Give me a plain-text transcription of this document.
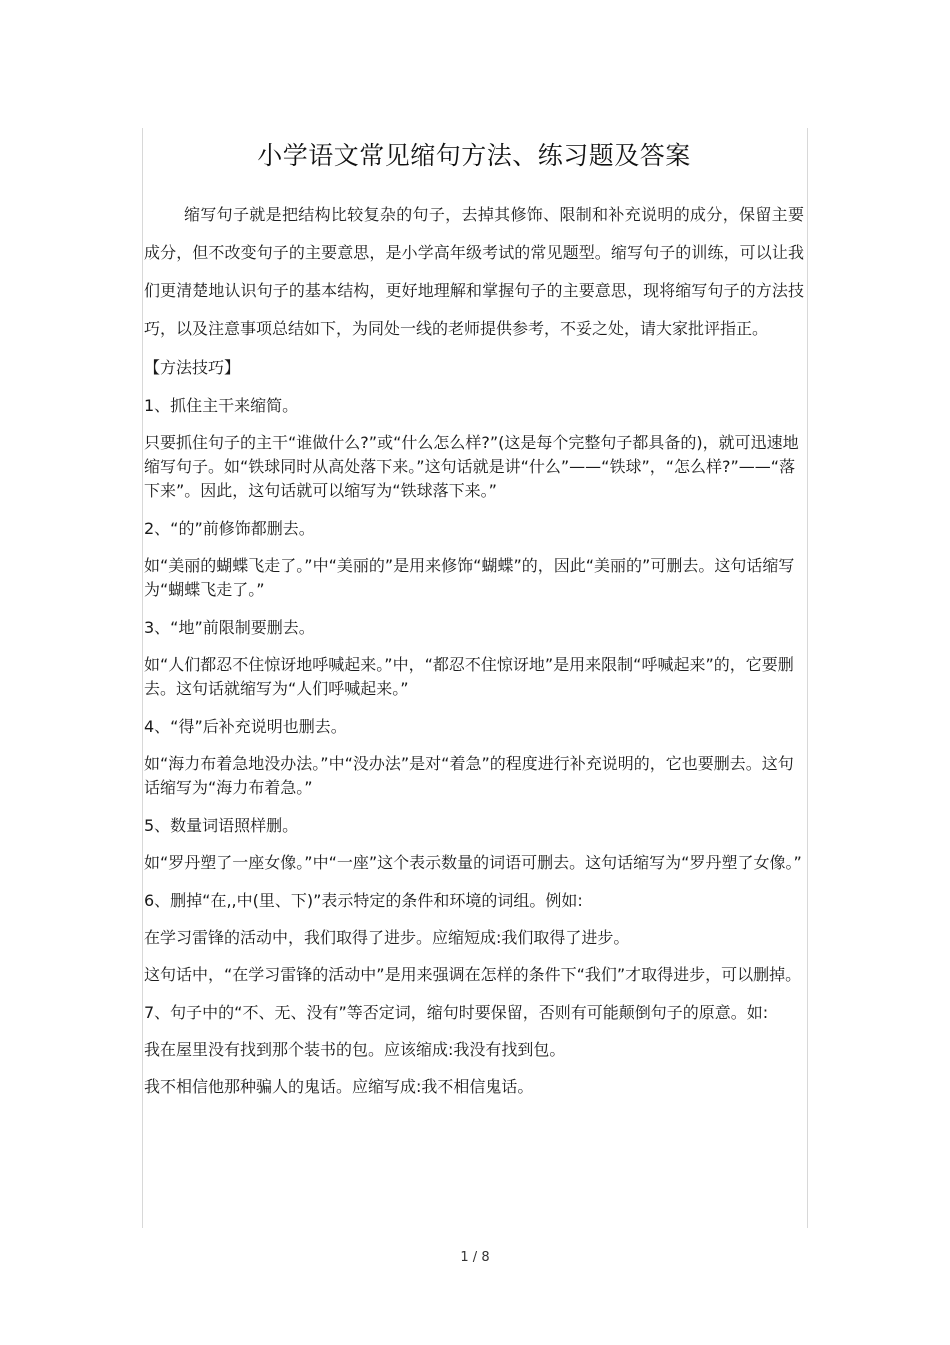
小学语文常见缩句方法、练习题及答案

缩写句子就是把结构比较复杂的句子，去掉其修饰、限制和补充说明的成分，保留主要成分，但不改变句子的主要意思，是小学高年级考试的常见题型。缩写句子的训练，可以让我们更清楚地认识句子的基本结构，更好地理解和掌握句子的主要意思，现将缩写句子的方法技巧，以及注意事项总结如下，为同处一线的老师提供参考，不妥之处，请大家批评指正。

【方法技巧】

1、抓住主干来缩简。

只要抓住句子的主干“谁做什么?”或“什么怎么样?”(这是每个完整句子都具备的)，就可迅速地缩写句子。如“铁球同时从高处落下来。”这句话就是讲“什么”——“铁球”，“怎么样?”——“落下来”。因此，这句话就可以缩写为“铁球落下来。”

2、“的”前修饰都删去。

如“美丽的蝴蝶飞走了。”中“美丽的”是用来修饰“蝴蝶”的，因此“美丽的”可删去。这句话缩写为“蝴蝶飞走了。”

3、“地”前限制要删去。

如“人们都忍不住惊讶地呼喊起来。”中，“都忍不住惊讶地”是用来限制“呼喊起来”的，它要删去。这句话就缩写为“人们呼喊起来。”

4、“得”后补充说明也删去。

如“海力布着急地没办法。”中“没办法”是对“着急”的程度进行补充说明的，它也要删去。这句话缩写为“海力布着急。”

5、数量词语照样删。

如“罗丹塑了一座女像。”中“一座”这个表示数量的词语可删去。这句话缩写为“罗丹塑了女像。”

6、删掉“在,,中(里、下)”表示特定的条件和环境的词组。例如:

在学习雷锋的活动中，我们取得了进步。应缩短成:我们取得了进步。

这句话中，“在学习雷锋的活动中”是用来强调在怎样的条件下“我们”才取得进步，可以删掉。

7、句子中的“不、无、没有”等否定词，缩句时要保留，否则有可能颠倒句子的原意。如:

我在屋里没有找到那个装书的包。应该缩成:我没有找到包。

我不相信他那种骗人的鬼话。应缩写成:我不相信鬼话。

1 / 8
